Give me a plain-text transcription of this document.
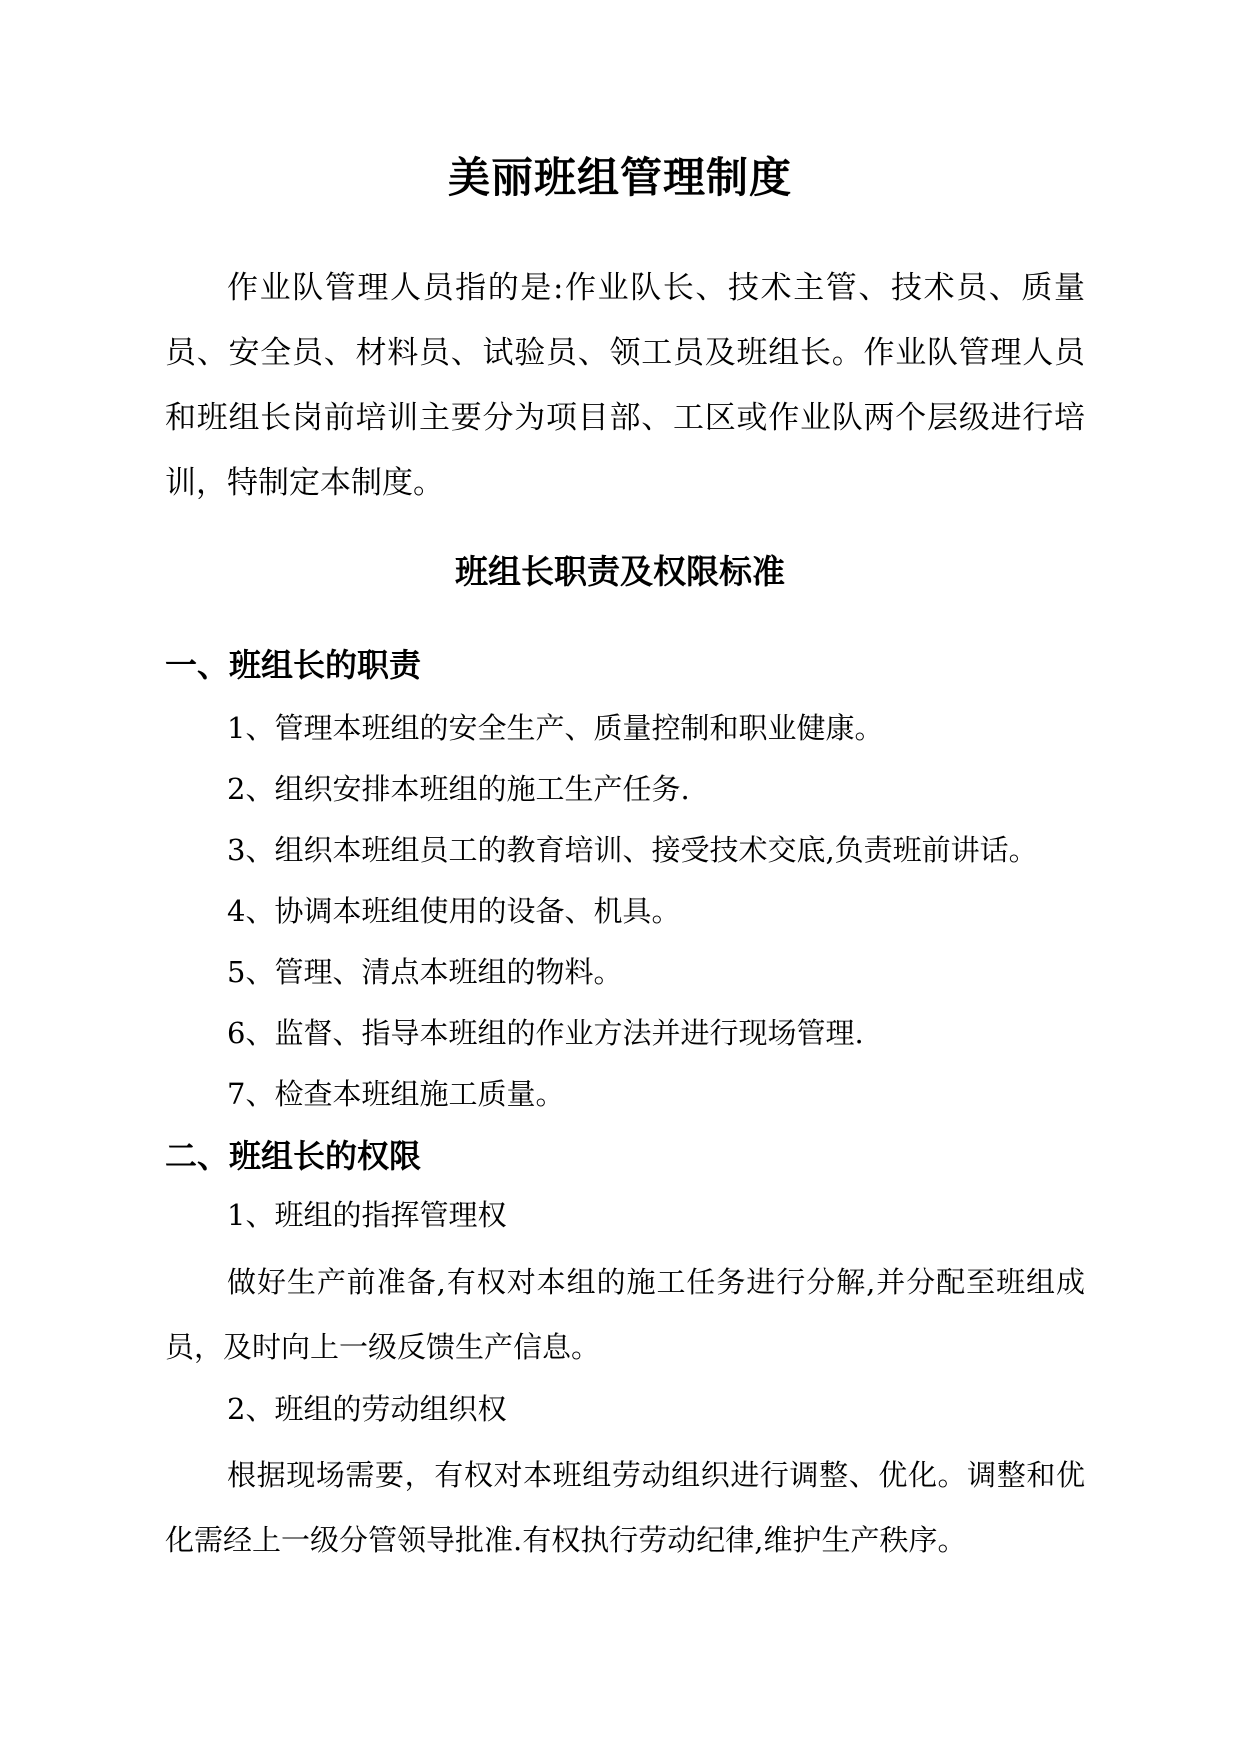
美丽班组管理制度

作业队管理人员指的是:作业队长、技术主管、技术员、质量员、安全员、材料员、试验员、领工员及班组长。作业队管理人员和班组长岗前培训主要分为项目部、工区或作业队两个层级进行培训，特制定本制度。

班组长职责及权限标准
一、班组长的职责

1、管理本班组的安全生产、质量控制和职业健康。

2、组织安排本班组的施工生产任务.

3、组织本班组员工的教育培训、接受技术交底,负责班前讲话。

4、协调本班组使用的设备、机具。

5、管理、清点本班组的物料。

6、监督、指导本班组的作业方法并进行现场管理.

7、检查本班组施工质量。

二、班组长的权限

1、班组的指挥管理权

做好生产前准备,有权对本组的施工任务进行分解,并分配至班组成员，及时向上一级反馈生产信息。

2、班组的劳动组织权

根据现场需要，有权对本班组劳动组织进行调整、优化。调整和优化需经上一级分管领导批准.有权执行劳动纪律,维护生产秩序。
